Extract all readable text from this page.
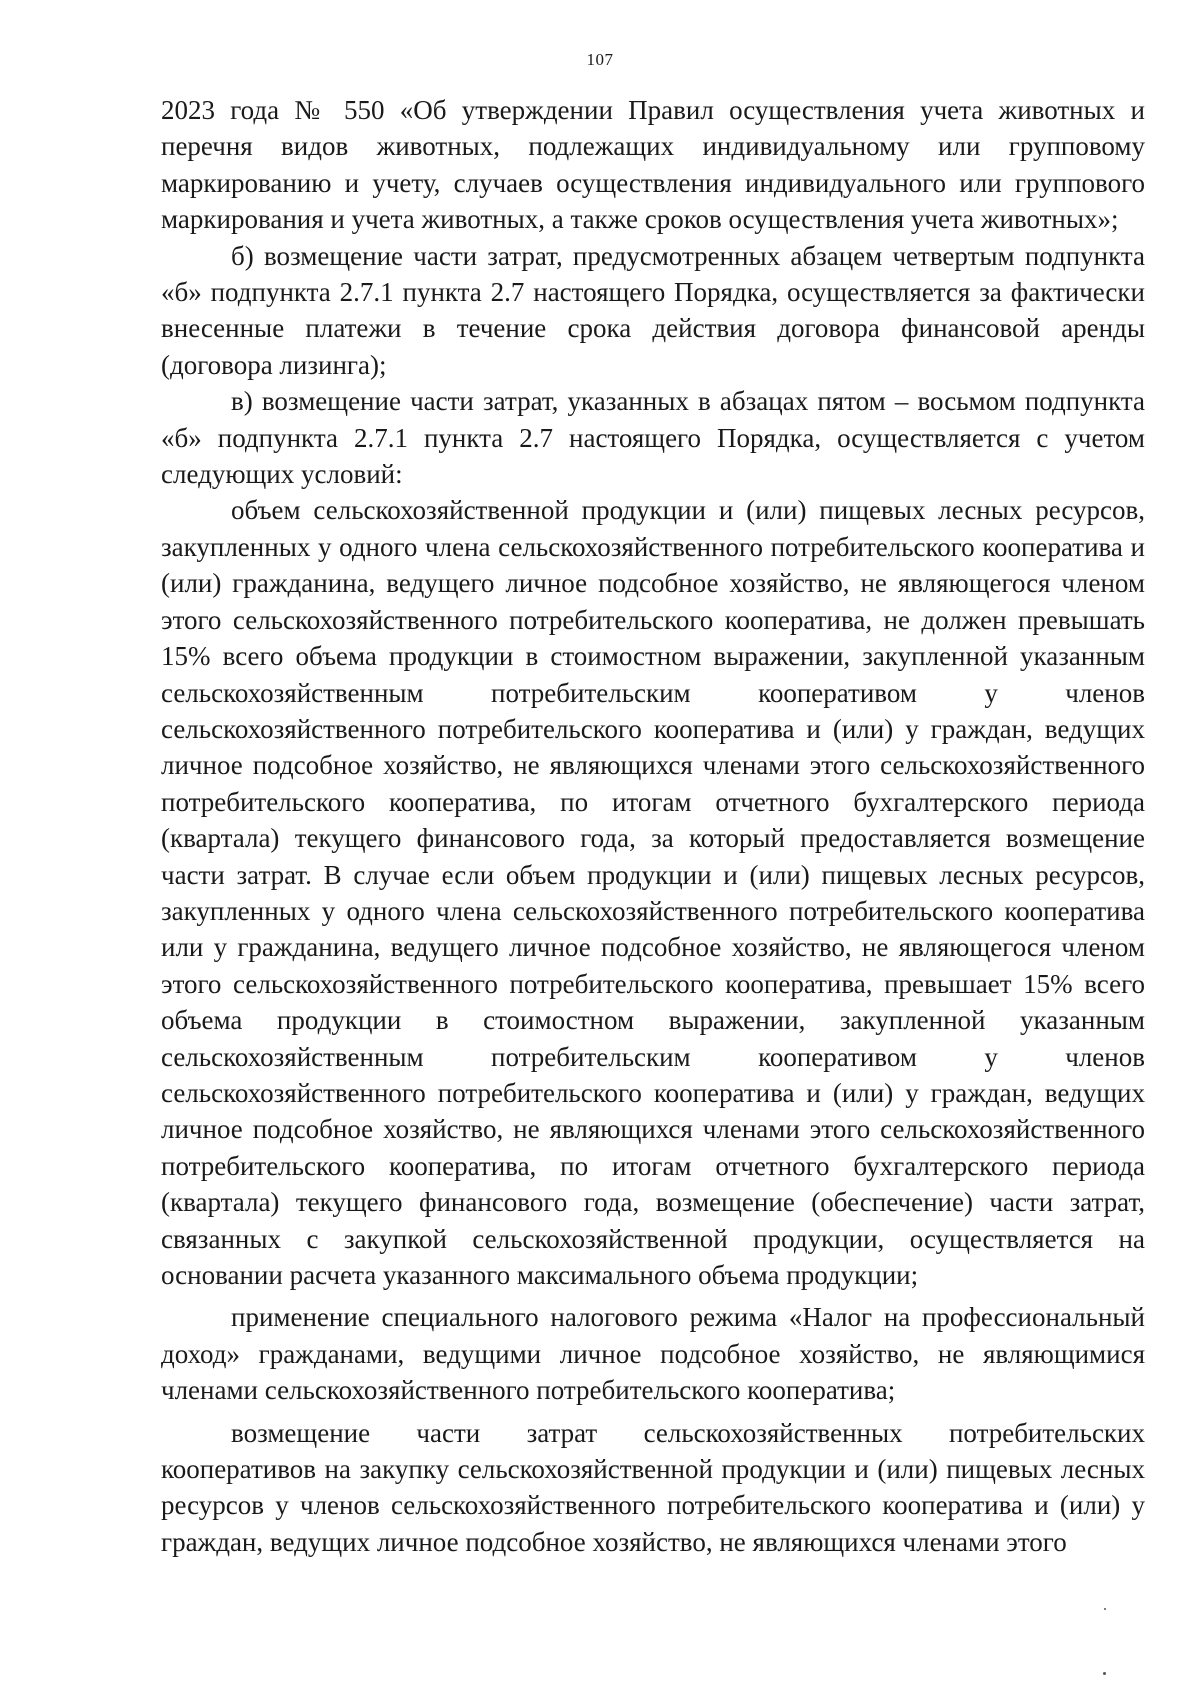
107

2023 года № 550 «Об утверждении Правил осуществления учета животных и перечня видов животных, подлежащих индивидуальному или групповому маркированию и учету, случаев осуществления индивидуального или группового маркирования и учета животных, а также сроков осуществления учета животных»;

б) возмещение части затрат, предусмотренных абзацем четвертым подпункта «б» подпункта 2.7.1 пункта 2.7 настоящего Порядка, осуществляется за фактически внесенные платежи в течение срока действия договора финансовой аренды (договора лизинга);

в) возмещение части затрат, указанных в абзацах пятом – восьмом подпункта «б» подпункта 2.7.1 пункта 2.7 настоящего Порядка, осуществляется с учетом следующих условий:

объем сельскохозяйственной продукции и (или) пищевых лесных ресурсов, закупленных у одного члена сельскохозяйственного потребительского кооператива и (или) гражданина, ведущего личное подсобное хозяйство, не являющегося членом этого сельскохозяйственного потребительского кооператива, не должен превышать 15% всего объема продукции в стоимостном выражении, закупленной указанным сельскохозяйственным потребительским кооперативом у членов сельскохозяйственного потребительского кооператива и (или) у граждан, ведущих личное подсобное хозяйство, не являющихся членами этого сельскохозяйственного потребительского кооператива, по итогам отчетного бухгалтерского периода (квартала) текущего финансового года, за который предоставляется возмещение части затрат. В случае если объем продукции и (или) пищевых лесных ресурсов, закупленных у одного члена сельскохозяйственного потребительского кооператива или у гражданина, ведущего личное подсобное хозяйство, не являющегося членом этого сельскохозяйственного потребительского кооператива, превышает 15% всего объема продукции в стоимостном выражении, закупленной указанным сельскохозяйственным потребительским кооперативом у членов сельскохозяйственного потребительского кооператива и (или) у граждан, ведущих личное подсобное хозяйство, не являющихся членами этого сельскохозяйственного потребительского кооператива, по итогам отчетного бухгалтерского периода (квартала) текущего финансового года, возмещение (обеспечение) части затрат, связанных с закупкой сельскохозяйственной продукции, осуществляется на основании расчета указанного максимального объема продукции;

применение специального налогового режима «Налог на профессиональный доход» гражданами, ведущими личное подсобное хозяйство, не являющимися членами сельскохозяйственного потребительского кооператива;

возмещение части затрат сельскохозяйственных потребительских кооперативов на закупку сельскохозяйственной продукции и (или) пищевых лесных ресурсов у членов сельскохозяйственного потребительского кооператива и (или) у граждан, ведущих личное подсобное хозяйство, не являющихся членами этого
